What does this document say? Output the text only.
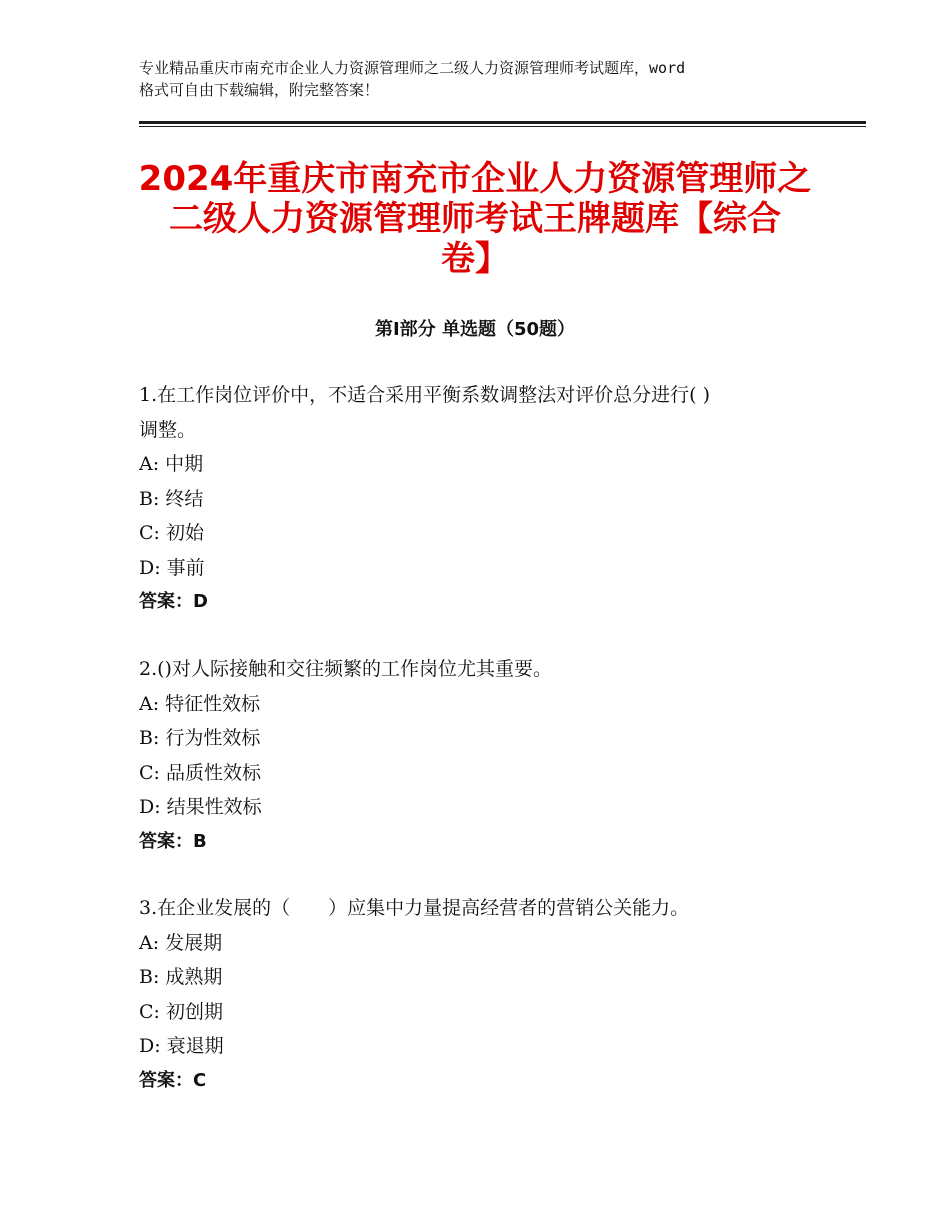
专业精品重庆市南充市企业人力资源管理师之二级人力资源管理师考试题库，word
格式可自由下载编辑，附完整答案！
2024年重庆市南充市企业人力资源管理师之
二级人力资源管理师考试王牌题库【综合
卷】
第Ⅰ部分 单选题（50题）
1.在工作岗位评价中，不适合采用平衡系数调整法对评价总分进行( )
调整。
A: 中期
B: 终结
C: 初始
D: 事前
答案：D
2.()对人际接触和交往频繁的工作岗位尤其重要。
A: 特征性效标
B: 行为性效标
C: 品质性效标
D: 结果性效标
答案：B
3.在企业发展的（　　）应集中力量提高经营者的营销公关能力。
A: 发展期
B: 成熟期
C: 初创期
D: 衰退期
答案：C
